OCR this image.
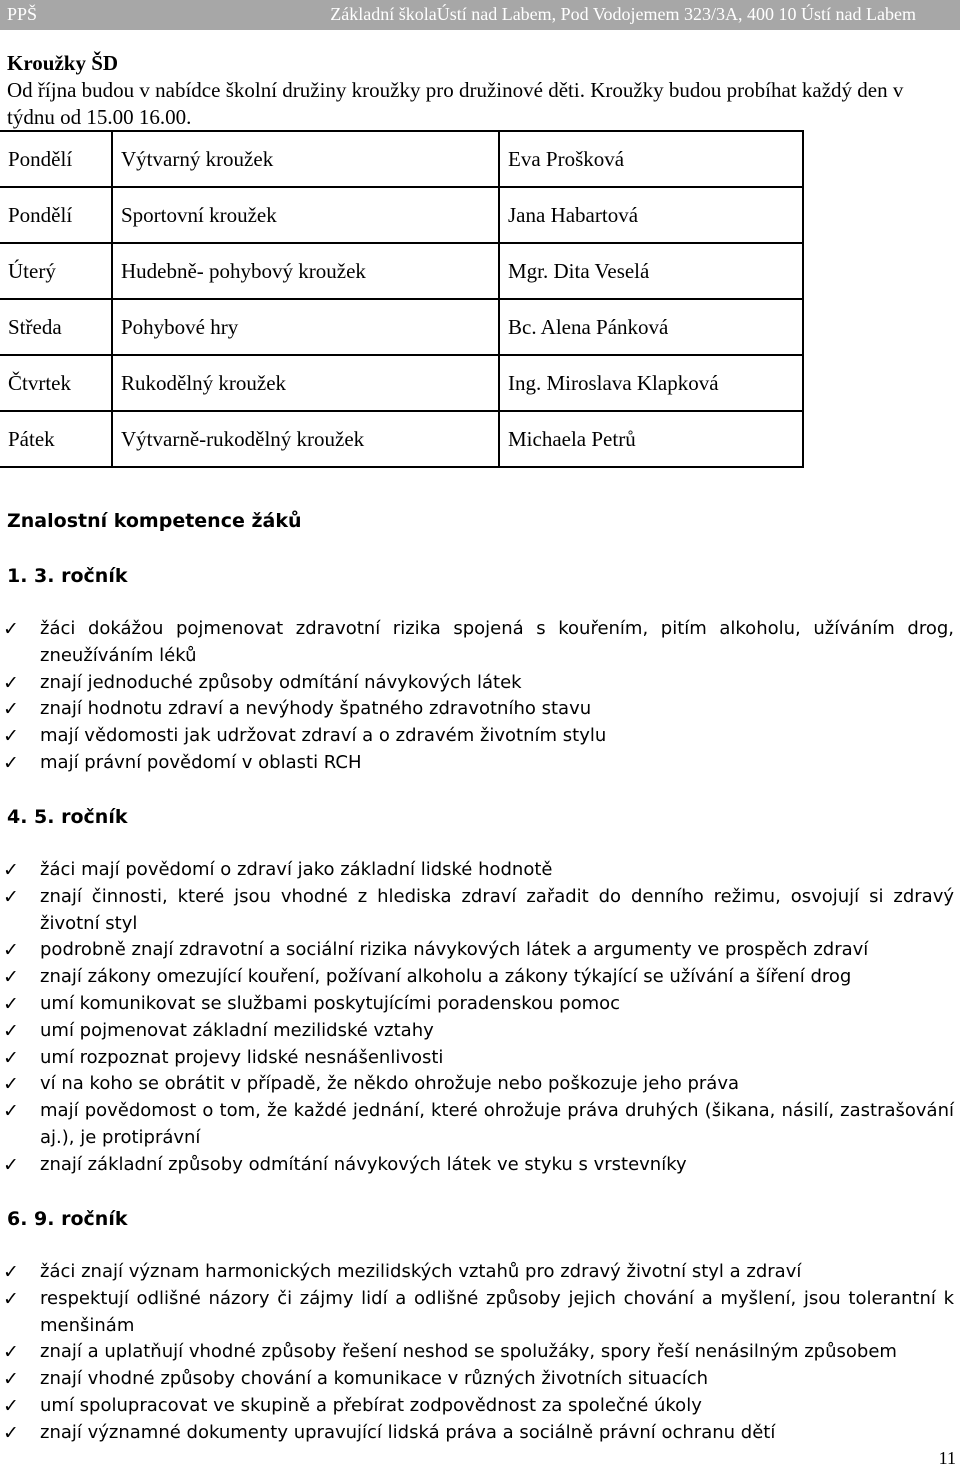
PPŠ	Základní školaÚstí nad Labem, Pod Vodojemem 323/3A, 400 10 Ústí nad Labem
Kroužky ŠD
Od října budou v nabídce školní družiny kroužky pro družinové děti. Kroužky budou probíhat každý den v týdnu od 15.00 16.00.
Pondělí	Výtvarný kroužek	Eva Prošková
Pondělí	Sportovní kroužek	Jana Habartová
Úterý	Hudebně- pohybový kroužek	Mgr. Dita Veselá
Středa	Pohybové hry	Bc. Alena Pánková
Čtvrtek	Rukodělný kroužek	Ing. Miroslava Klapková
Pátek	Výtvarně-rukodělný kroužek	Michaela Petrů
Znalostní kompetence žáků
1. 3. ročník
✓ žáci dokážou pojmenovat zdravotní rizika spojená s kouřením, pitím alkoholu, užíváním drog, zneužíváním léků
✓ znají jednoduché způsoby odmítání návykových látek
✓ znají hodnotu zdraví a nevýhody špatného zdravotního stavu
✓ mají vědomosti jak udržovat zdraví a o zdravém životním stylu
✓ mají právní povědomí v oblasti RCH
4. 5. ročník
✓ žáci mají povědomí o zdraví jako základní lidské hodnotě
✓ znají činnosti, které jsou vhodné z hlediska zdraví zařadit do denního režimu, osvojují si zdravý životní styl
✓ podrobně znají zdravotní a sociální rizika návykových látek a argumenty ve prospěch zdraví
✓ znají zákony omezující kouření, požívaní alkoholu a zákony týkající se užívání a šíření drog
✓ umí komunikovat se službami poskytujícími poradenskou pomoc
✓ umí pojmenovat základní mezilidské vztahy
✓ umí rozpoznat projevy lidské nesnášenlivosti
✓ ví na koho se obrátit v případě, že někdo ohrožuje nebo poškozuje jeho práva
✓ mají povědomost o tom, že každé jednání, které ohrožuje práva druhých (šikana, násilí, zastrašování aj.), je protiprávní
✓ znají základní způsoby odmítání návykových látek ve styku s vrstevníky
6. 9. ročník
✓ žáci znají význam harmonických mezilidských vztahů pro zdravý životní styl a zdraví
✓ respektují odlišné názory či zájmy lidí a odlišné způsoby jejich chování a myšlení, jsou tolerantní k menšinám
✓ znají a uplatňují vhodné způsoby řešení neshod se spolužáky, spory řeší nenásilným způsobem
✓ znají vhodné způsoby chování a komunikace v různých životních situacích
✓ umí spolupracovat ve skupině a přebírat zodpovědnost za společné úkoly
✓ znají významné dokumenty upravující lidská práva a sociálně právní ochranu dětí
11
